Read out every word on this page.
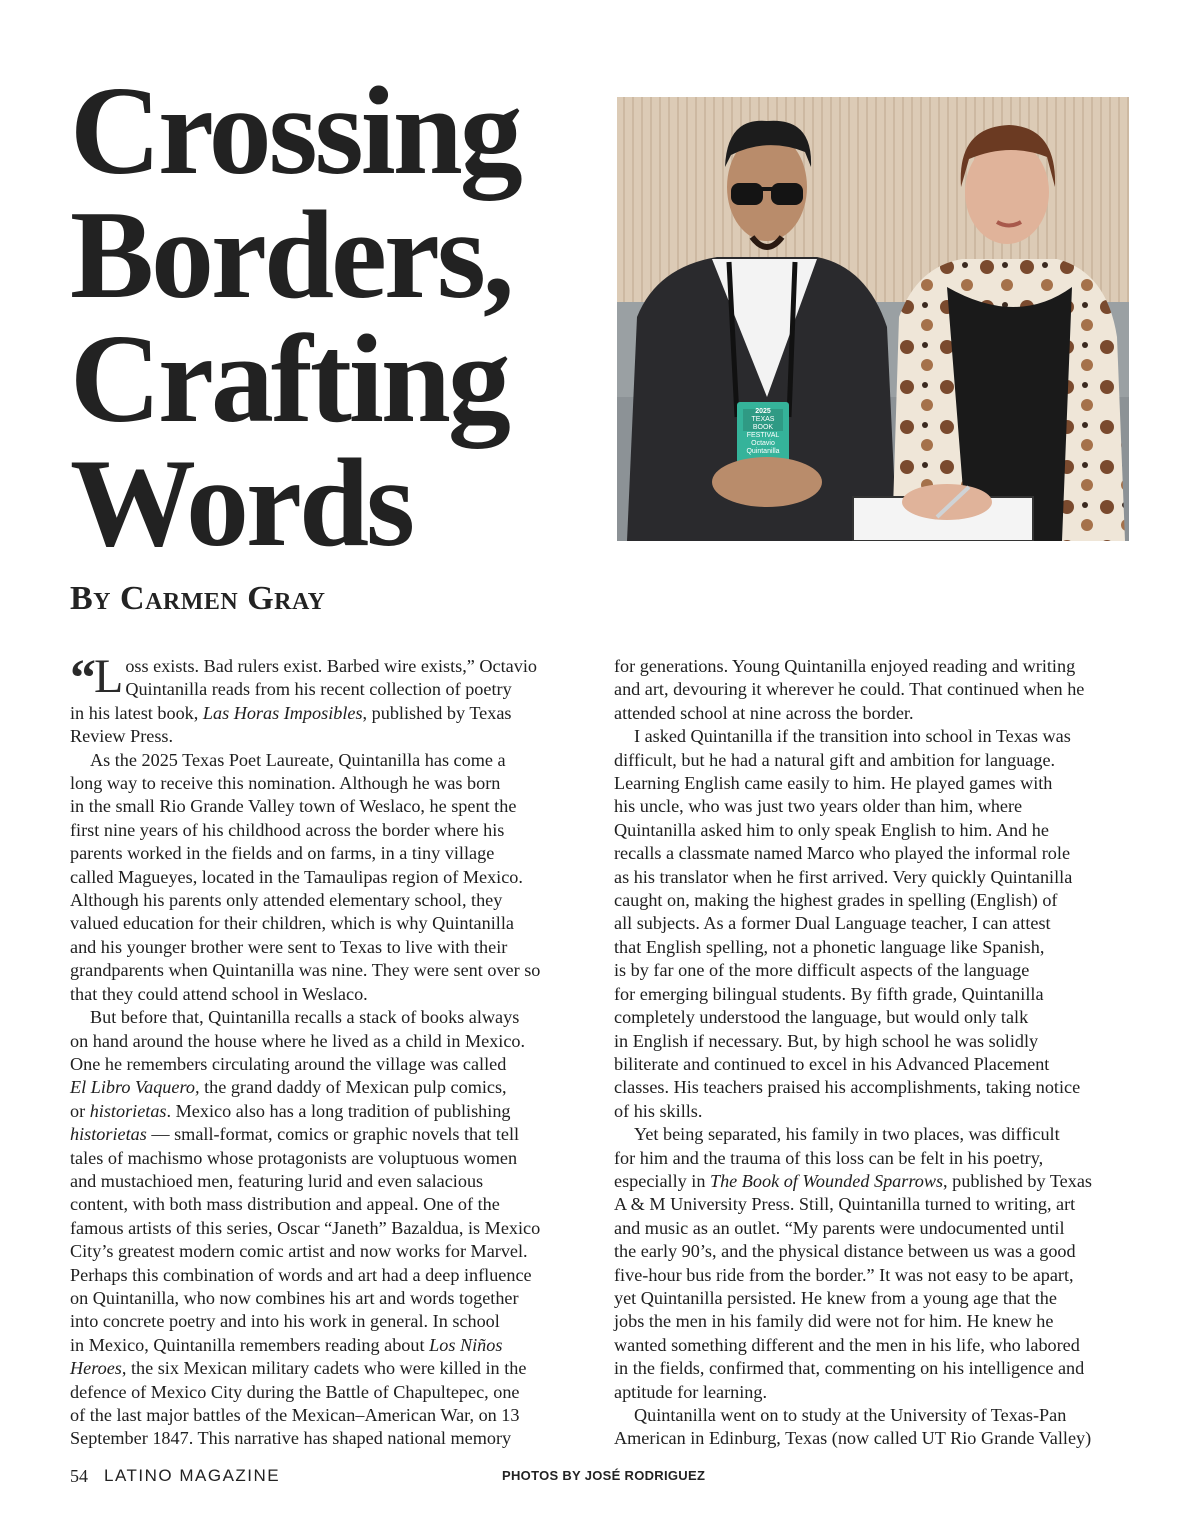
Crossing
Borders,
Crafting
Words
2025
TEXAS
BOOK
FESTIVAL
Octavio
Quintanilla
By Carmen Gray

“ L oss exists. Bad rulers exist. Barbed wire exists,” Octavio
Quintanilla reads from his recent collection of poetry
in his latest book, Las Horas Imposibles, published by Texas
Review Press.

As the 2025 Texas Poet Laureate, Quintanilla has come a
long way to receive this nomination. Although he was born
in the small Rio Grande Valley town of Weslaco, he spent the
first nine years of his childhood across the border where his
parents worked in the fields and on farms, in a tiny village
called Magueyes, located in the Tamaulipas region of Mexico.
Although his parents only attended elementary school, they
valued education for their children, which is why Quintanilla
and his younger brother were sent to Texas to live with their
grandparents when Quintanilla was nine. They were sent over so
that they could attend school in Weslaco.

But before that, Quintanilla recalls a stack of books always
on hand around the house where he lived as a child in Mexico.
One he remembers circulating around the village was called
El Libro Vaquero, the grand daddy of Mexican pulp comics,
or historietas. Mexico also has a long tradition of publishing
historietas — small-format, comics or graphic novels that tell
tales of machismo whose protagonists are voluptuous women
and mustachioed men, featuring lurid and even salacious
content, with both mass distribution and appeal. One of the
famous artists of this series, Oscar “Janeth” Bazaldua, is Mexico
City’s greatest modern comic artist and now works for Marvel.
Perhaps this combination of words and art had a deep influence
on Quintanilla, who now combines his art and words together
into concrete poetry and into his work in general. In school
in Mexico, Quintanilla remembers reading about Los Niños
Heroes, the six Mexican military cadets who were killed in the
defence of Mexico City during the Battle of Chapultepec, one
of the last major battles of the Mexican–American War, on 13
September 1847. This narrative has shaped national memory

for generations. Young Quintanilla enjoyed reading and writing
and art, devouring it wherever he could. That continued when he
attended school at nine across the border.

I asked Quintanilla if the transition into school in Texas was
difficult, but he had a natural gift and ambition for language.
Learning English came easily to him. He played games with
his uncle, who was just two years older than him, where
Quintanilla asked him to only speak English to him. And he
recalls a classmate named Marco who played the informal role
as his translator when he first arrived. Very quickly Quintanilla
caught on, making the highest grades in spelling (English) of
all subjects. As a former Dual Language teacher, I can attest
that English spelling, not a phonetic language like Spanish,
is by far one of the more difficult aspects of the language
for emerging bilingual students. By fifth grade, Quintanilla
completely understood the language, but would only talk
in English if necessary. But, by high school he was solidly
biliterate and continued to excel in his Advanced Placement
classes. His teachers praised his accomplishments, taking notice
of his skills.

Yet being separated, his family in two places, was difficult
for him and the trauma of this loss can be felt in his poetry,
especially in The Book of Wounded Sparrows, published by Texas
A & M University Press. Still, Quintanilla turned to writing, art
and music as an outlet. “My parents were undocumented until
the early 90’s, and the physical distance between us was a good
five-hour bus ride from the border.” It was not easy to be apart,
yet Quintanilla persisted. He knew from a young age that the
jobs the men in his family did were not for him. He knew he
wanted something different and the men in his life, who labored
in the fields, confirmed that, commenting on his intelligence and
aptitude for learning.

Quintanilla went on to study at the University of Texas-Pan
American in Edinburg, Texas (now called UT Rio Grande Valley)

54 LATINO MAGAZINE	PHOTOS BY JOSÉ RODRIGUEZ
